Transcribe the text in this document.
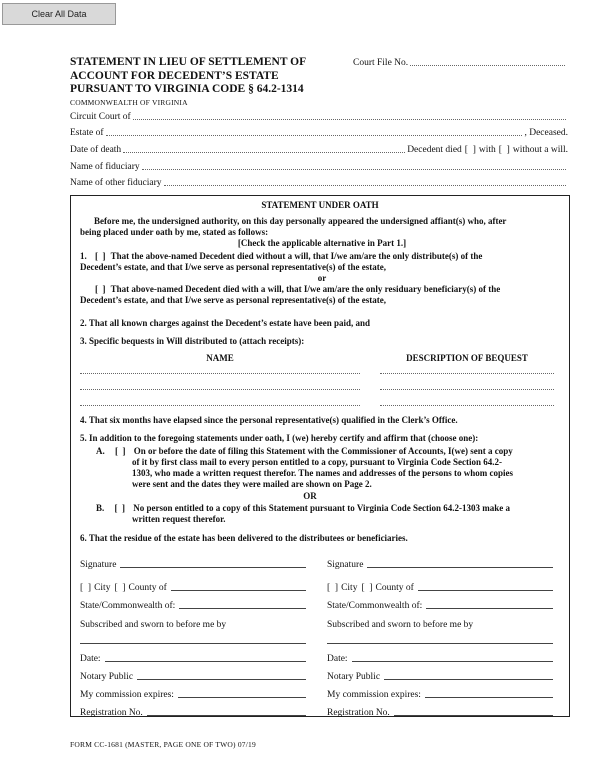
Clear All Data
STATEMENT IN LIEU OF SETTLEMENT OF
ACCOUNT FOR DECEDENT’S ESTATE
PURSUANT TO VIRGINIA CODE § 64.2-1314
COMMONWEALTH OF VIRGINIA
Court File No.
Circuit Court of
Estate of	, Deceased.
Date of death	Decedent died [  ] with [  ] without a will.
Name of fiduciary
Name of other fiduciary
STATEMENT UNDER OATH
Before me, the undersigned authority, on this day personally appeared the undersigned affiant(s) who, after
being placed under oath by me, stated as follows:
[Check the applicable alternative in Part 1.]
1. [  ] That the above-named Decedent died without a will, that I/we am/are the only distribute(s) of the
Decedent’s estate, and that I/we serve as personal representative(s) of the estate,
or
[  ] That above-named Decedent died with a will, that I/we am/are the only residuary beneficiary(s) of the
Decedent’s estate, and that I/we serve as personal representative(s) of the estate,
2. That all known charges against the Decedent’s estate have been paid, and
3. Specific bequests in Will distributed to (attach receipts):
NAME	DESCRIPTION OF BEQUEST
4. That six months have elapsed since the personal representative(s) qualified in the Clerk’s Office.
5. In addition to the foregoing statements under oath, I (we) hereby certify and affirm that (choose one):
A. [  ] On or before the date of filing this Statement with the Commissioner of Accounts, I(we) sent a copy
of it by first class mail to every person entitled to a copy, pursuant to Virginia Code Section 64.2-
1303, who made a written request therefor. The names and addresses of the persons to whom copies
were sent and the dates they were mailed are shown on Page 2.
OR
B. [  ] No person entitled to a copy of this Statement pursuant to Virginia Code Section 64.2-1303 make a
written request therefor.
6. That the residue of the estate has been delivered to the distributees or beneficiaries.
Signature
[  ] City [  ] County of
State/Commonwealth of:
Subscribed and sworn to before me by
Date:
Notary Public
My commission expires:
Registration No.
Signature
[  ] City [  ] County of
State/Commonwealth of:
Subscribed and sworn to before me by
Date:
Notary Public
My commission expires:
Registration No.
FORM CC-1681 (MASTER, PAGE ONE OF TWO) 07/19
